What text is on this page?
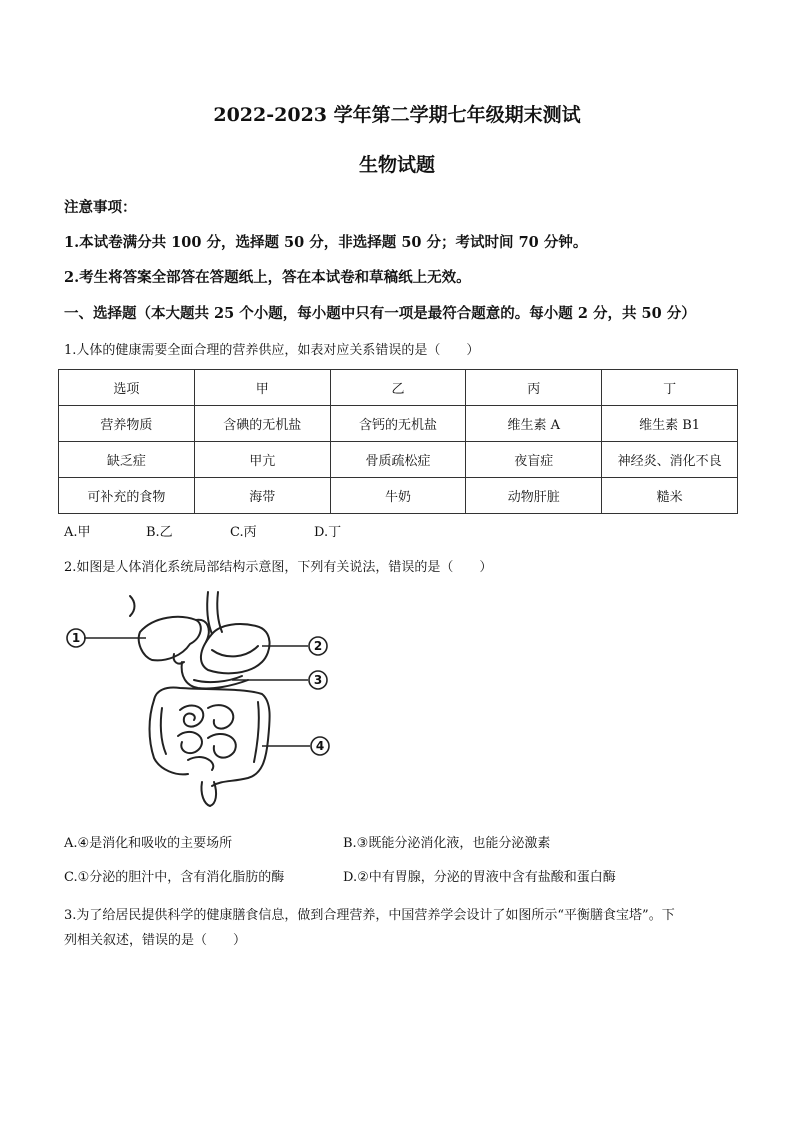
2022-2023 学年第二学期七年级期末测试
生物试题
注意事项：
1.本试卷满分共 100 分，选择题 50 分，非选择题 50 分；考试时间 70 分钟。
2.考生将答案全部答在答题纸上，答在本试卷和草稿纸上无效。
一、选择题（本大题共 25 个小题，每小题中只有一项是最符合题意的。每小题 2 分，共 50 分）
1.人体的健康需要全面合理的营养供应，如表对应关系错误的是（　　）
选项	甲	乙	丙	丁
营养物质	含碘的无机盐	含钙的无机盐	维生素 A	维生素 B1
缺乏症	甲亢	骨质疏松症	夜盲症	神经炎、消化不良
可补充的食物	海带	牛奶	动物肝脏	糙米
A.甲	B.乙	C.丙	D.丁
2.如图是人体消化系统局部结构示意图，下列有关说法，错误的是（　　）
1
2
3
4
A.④是消化和吸收的主要场所	B.③既能分泌消化液，也能分泌激素
C.①分泌的胆汁中，含有消化脂肪的酶	D.②中有胃腺，分泌的胃液中含有盐酸和蛋白酶
3.为了给居民提供科学的健康膳食信息，做到合理营养，中国营养学会设计了如图所示“平衡膳食宝塔”。下
列相关叙述，错误的是（　　）
